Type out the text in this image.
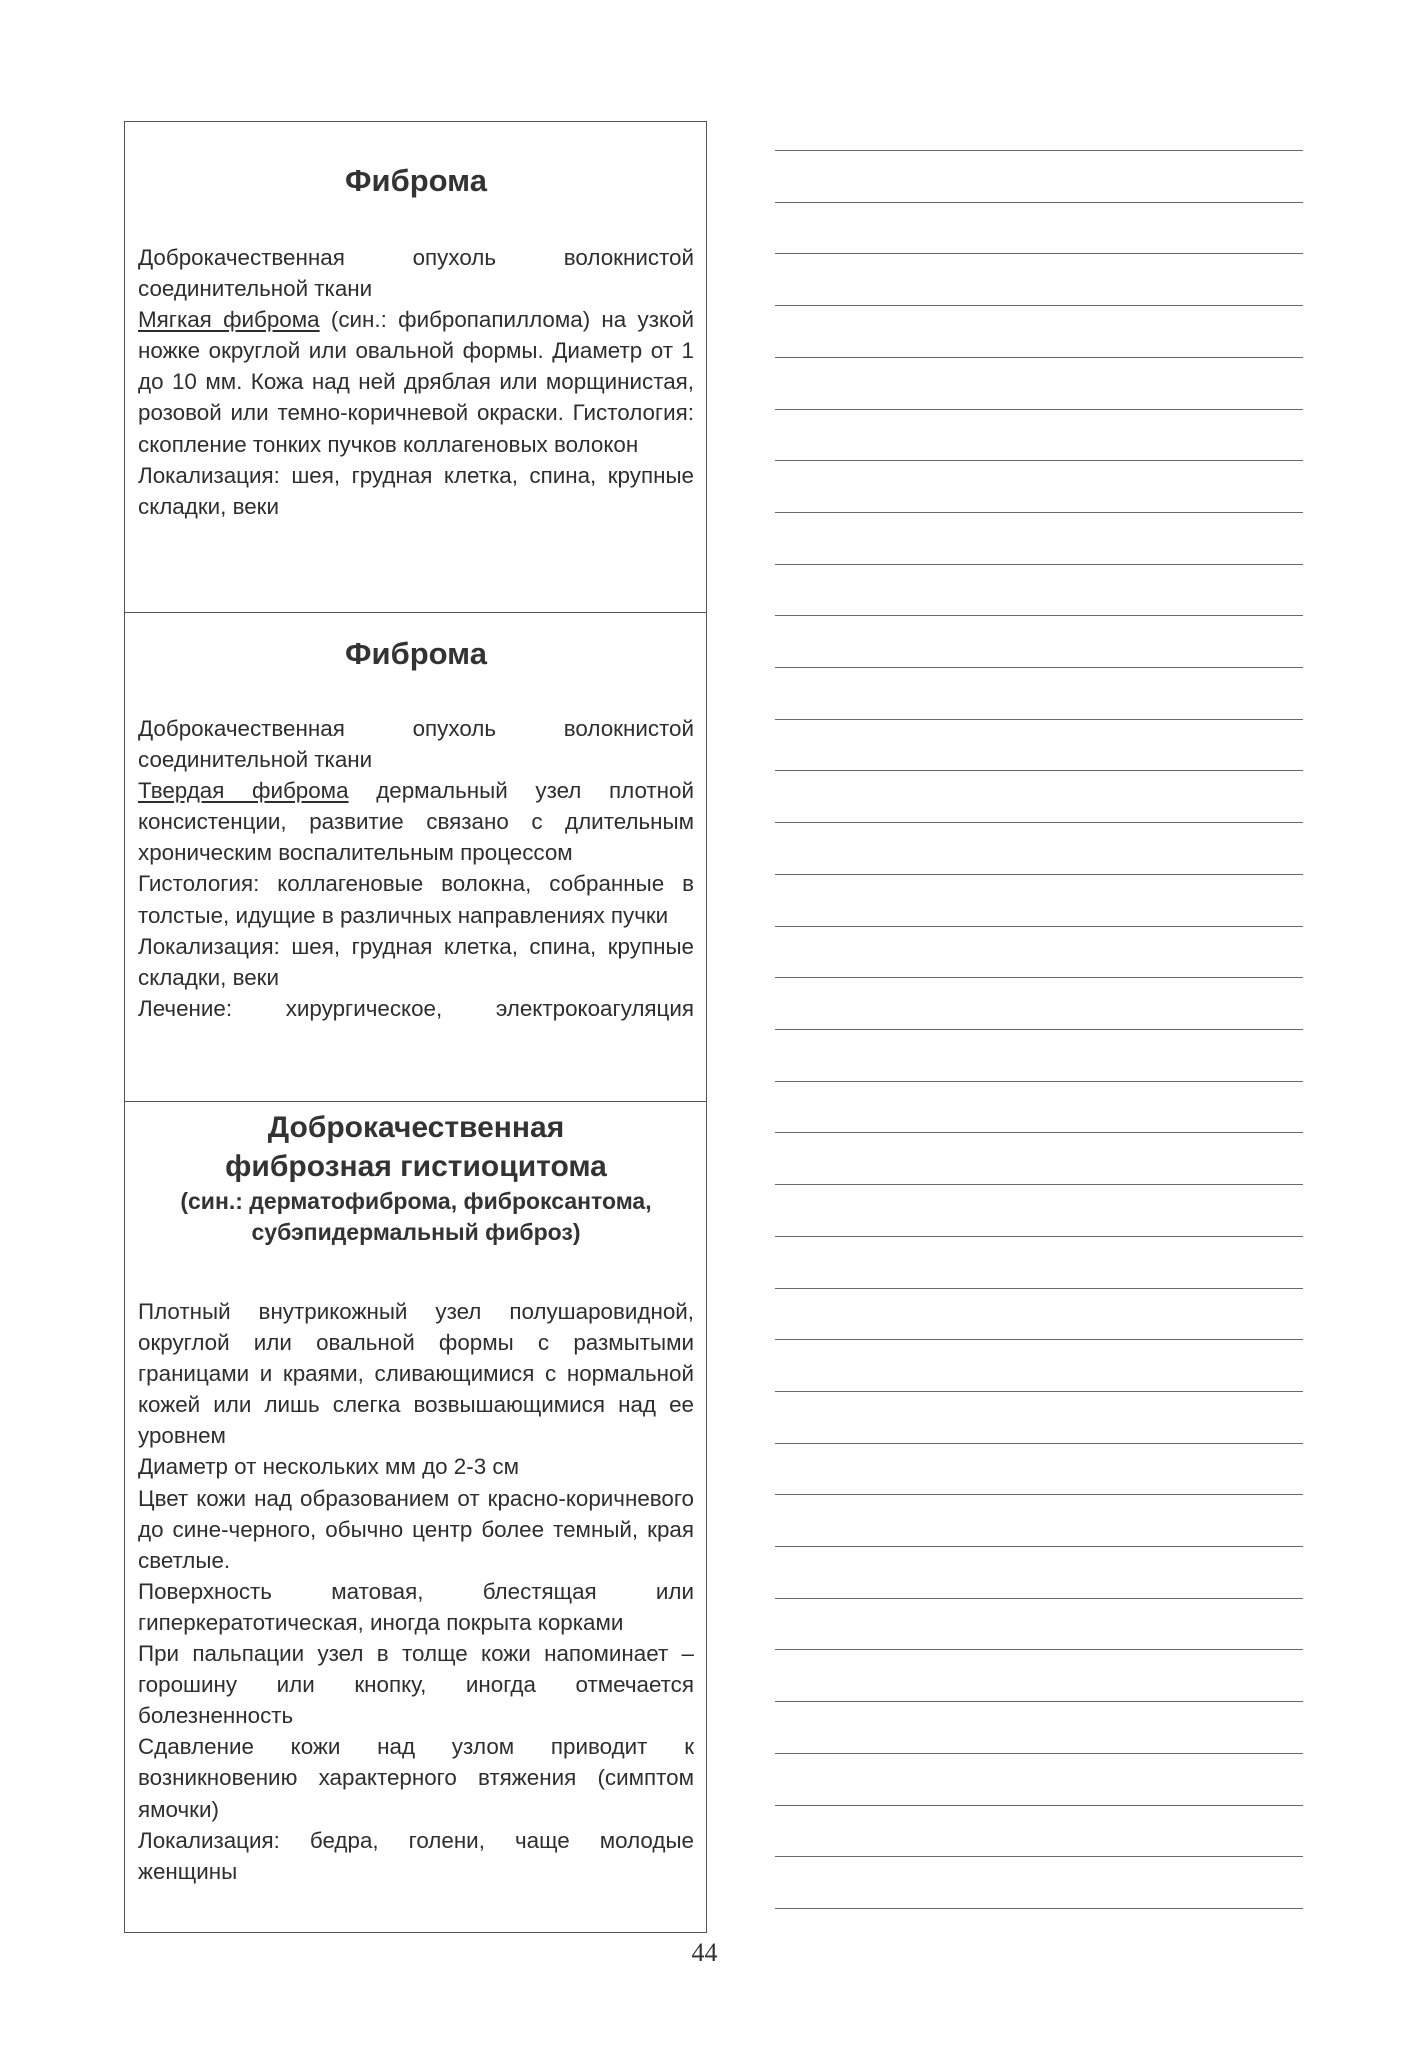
Фиброма

Доброкачественная опухоль волокнистой соединительной ткани

Мягкая фиброма (син.: фибропапиллома) на узкой ножке округлой или овальной формы. Диаметр от 1 до 10 мм. Кожа над ней дряблая или морщинистая, розовой или темно-коричневой окраски. Гистология: скопление тонких пучков коллагеновых волокон

Локализация: шея, грудная клетка, спина, крупные складки, веки

Фиброма

Доброкачественная опухоль волокнистой соединительной ткани

Твердая фиброма дермальный узел плотной консистенции, развитие связано с длительным хроническим воспалительным процессом

Гистология: коллагеновые волокна, собранные в толстые, идущие в различных направлениях пучки

Локализация: шея, грудная клетка, спина, крупные складки, веки

Лечение: хирургическое, электрокоагуляция

Доброкачественная
фиброзная гистиоцитома

(син.: дерматофиброма, фиброксантома,
субэпидермальный фиброз)

Плотный внутрикожный узел полушаровидной, округлой или овальной формы с размытыми границами и краями, сливающимися с нормальной кожей или лишь слегка возвышающимися над ее уровнем

Диаметр от нескольких мм до 2-3 см

Цвет кожи над образованием от красно-коричневого до сине-черного, обычно центр более темный, края светлые.

Поверхность матовая, блестящая или гиперкератотическая, иногда покрыта корками

При пальпации узел в толще кожи напоминает – горошину или кнопку, иногда отмечается болезненность

Сдавление кожи над узлом приводит к возникновению характерного втяжения (симптом ямочки)

Локализация: бедра, голени, чаще молодые женщины

44
